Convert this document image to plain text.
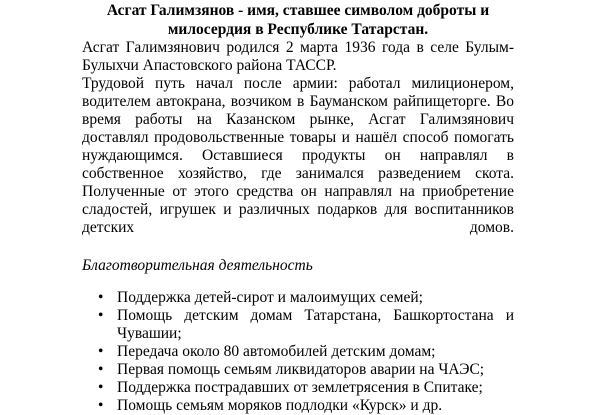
Асгат Галимзянов - имя, ставшее символом доброты и
милосердия в Республике Татарстан.

Асгат Галимзянович родился 2 марта 1936 года в селе Булым-Булыхчи Апастовского района ТАССР.

Трудовой путь начал после армии: работал милиционером, водителем автокрана, возчиком в Бауманском райпищеторге. Во время работы на Казанском рынке, Асгат Галимзянович доставлял продовольственные товары и нашёл способ помогать нуждающимся. Оставшиеся продукты он направлял в собственное хозяйство, где занимался разведением скота. Полученные от этого средства он направлял на приобретение сладостей, игрушек и различных подарков для воспитанников детских домов.

Благотворительная деятельность
• Поддержка детей-сирот и малоимущих семей;
• Помощь детским домам Татарстана, Башкортостана и Чувашии;
• Передача около 80 автомобилей детским домам;
• Первая помощь семьям ликвидаторов аварии на ЧАЭС;
• Поддержка пострадавших от землетрясения в Спитаке;
• Помощь семьям моряков подлодки «Курск» и др.
